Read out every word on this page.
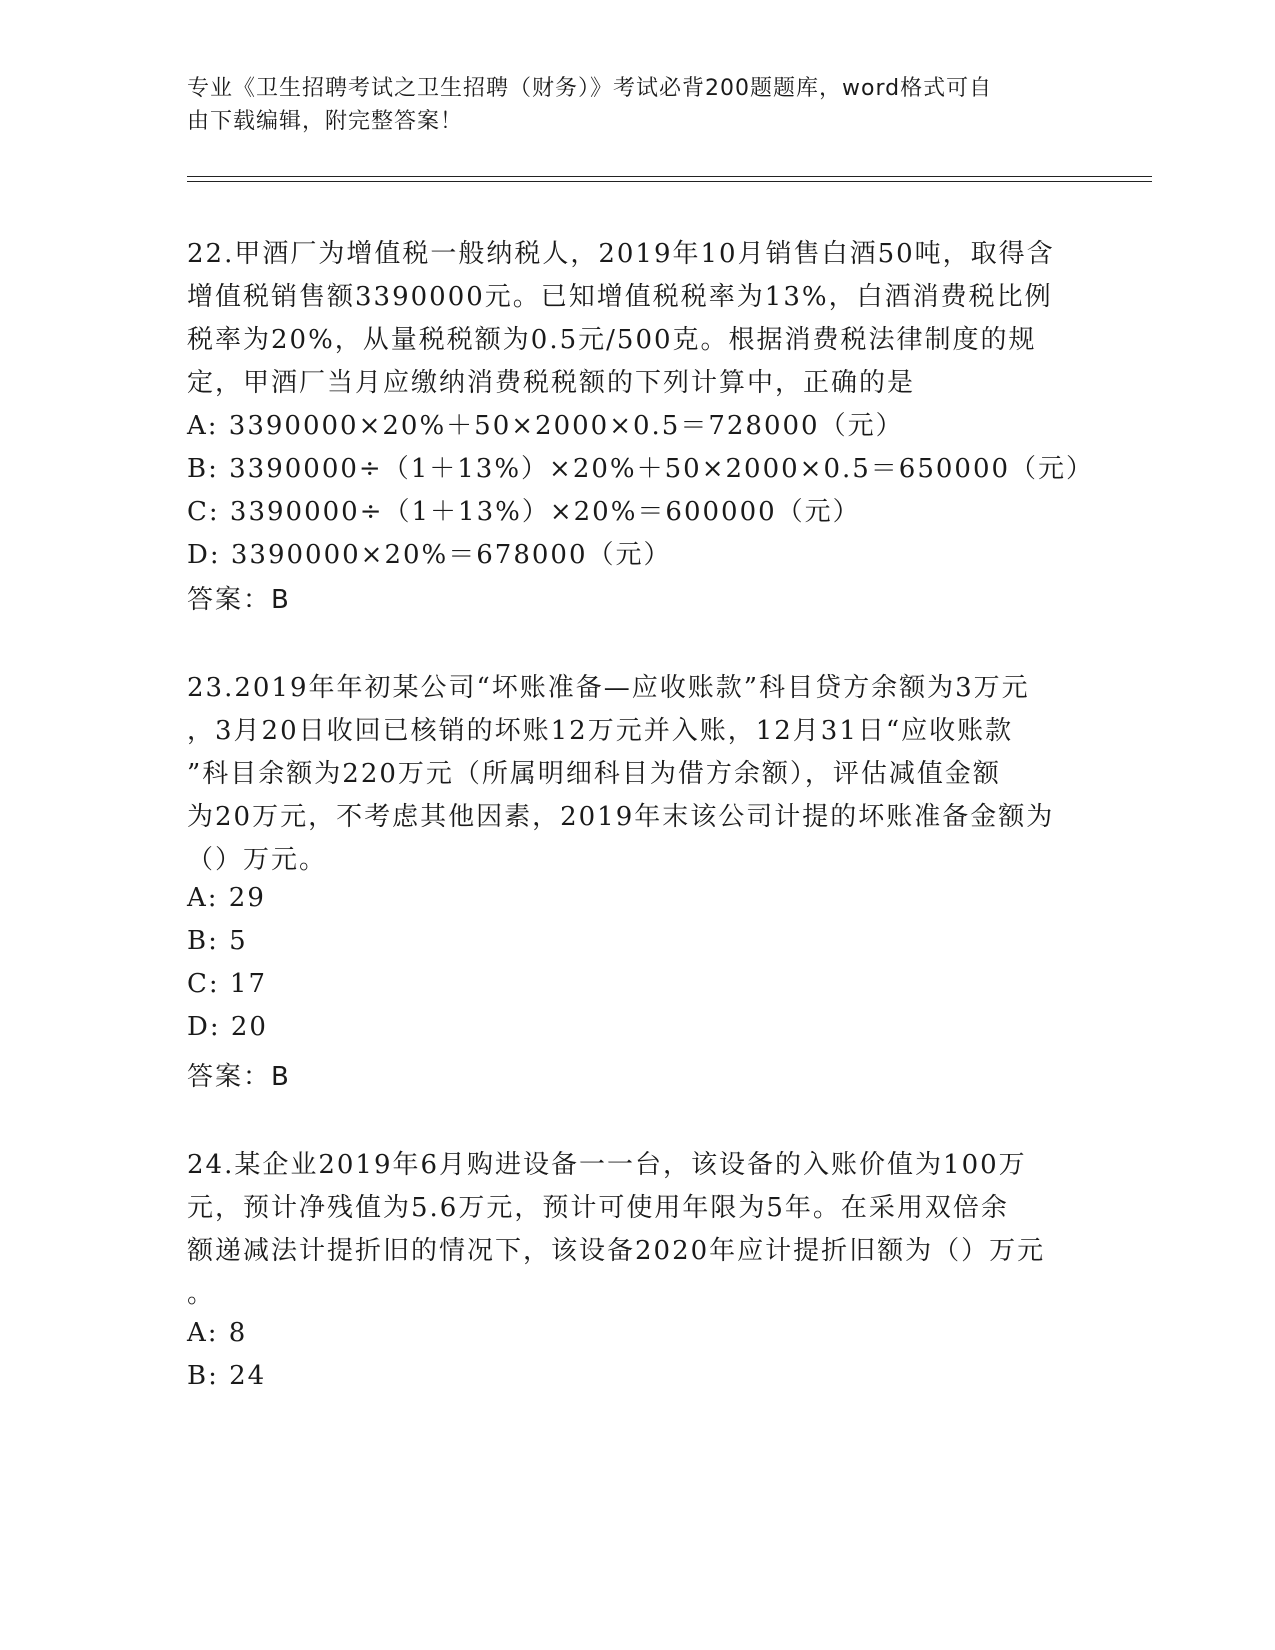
专业《卫生招聘考试之卫生招聘（财务）》考试必背200题题库，word格式可自
由下载编辑，附完整答案！
22.甲酒厂为增值税一般纳税人，2019年10月销售白酒50吨，取得含
增值税销售额3390000元。已知增值税税率为13%，白酒消费税比例
税率为20%，从量税税额为0.5元/500克。根据消费税法律制度的规
定，甲酒厂当月应缴纳消费税税额的下列计算中，正确的是
A: 3390000×20%＋50×2000×0.5＝728000（元）
B: 3390000÷（1＋13%）×20%＋50×2000×0.5＝650000（元）
C: 3390000÷（1＋13%）×20%＝600000（元）
D: 3390000×20%＝678000（元）
答案：B
23.2019年年初某公司“坏账准备—应收账款”科目贷方余额为3万元
，3月20日收回已核销的坏账12万元并入账，12月31日“应收账款
”科目余额为220万元（所属明细科目为借方余额），评估减值金额
为20万元，不考虑其他因素，2019年末该公司计提的坏账准备金额为
（）万元。
A: 29
B: 5
C: 17
D: 20
答案：B
24.某企业2019年6月购进设备一一台，该设备的入账价值为100万
元，预计净残值为5.6万元，预计可使用年限为5年。在采用双倍余
额递减法计提折旧的情况下，该设备2020年应计提折旧额为（）万元
。
A: 8
B: 24
